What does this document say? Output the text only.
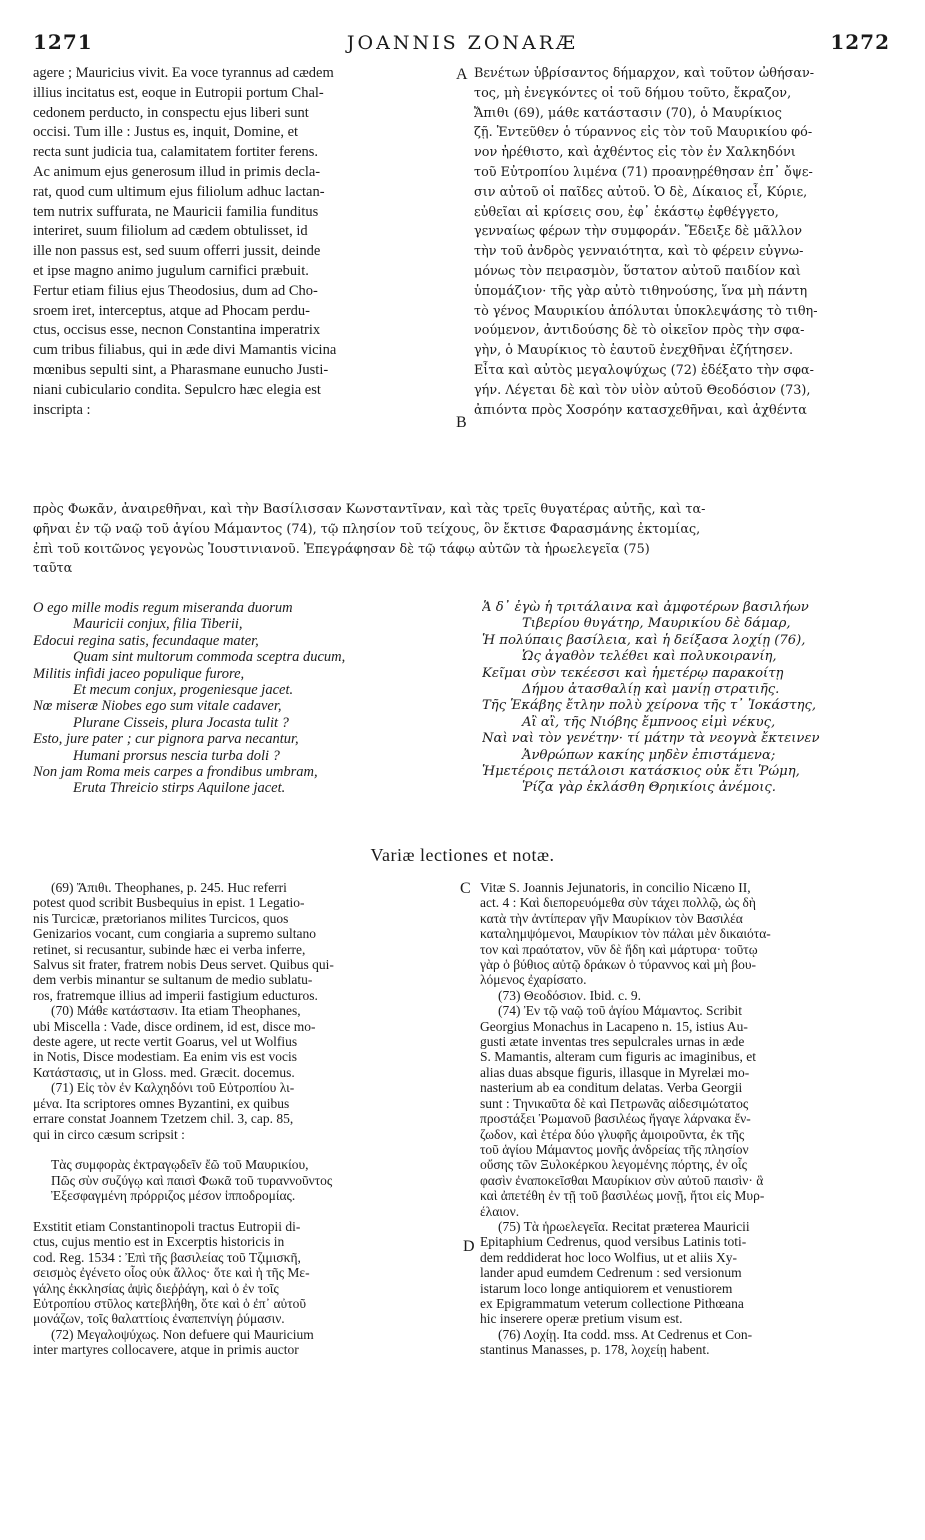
1271	JOANNIS ZONARÆ	1272
agere ; Mauricius vivit. Ea voce tyrannus ad cædem
illius incitatus est, eoque in Eutropii portum Chal-
cedonem perducto, in conspectu ejus liberi sunt
occisi. Tum ille : Justus es, inquit, Domine, et
recta sunt judicia tua, calamitatem fortiter ferens.
Ac animum ejus generosum illud in primis decla-
rat, quod cum ultimum ejus filiolum adhuc lactan-
tem nutrix suffurata, ne Mauricii familia funditus
interiret, suum filiolum ad cædem obtulisset, id
ille non passus est, sed suum offerri jussit, deinde
et ipse magno animo jugulum carnifici præbuit.
Fertur etiam filius ejus Theodosius, dum ad Cho-
sroem iret, interceptus, atque ad Phocam perdu-
ctus, occisus esse, necnon Constantina imperatrix
cum tribus filiabus, qui in æde divi Mamantis vicina
mœnibus sepulti sint, a Pharasmane eunucho Justi-
niani cubiculario condita. Sepulcro hæc elegia est
inscripta :
A Βενέτων ὑβρίσαντος δήμαρχον, καὶ τοῦτον ὠθήσαν-
τος, μὴ ἐνεγκόντες οἱ τοῦ δήμου τοῦτο, ἔκραζον,
Ἄπιθι (69), μάθε κατάστασιν (70), ὁ Μαυρίκιος
ζῇ. Ἐντεῦθεν ὁ τύραννος εἰς τὸν τοῦ Μαυρικίου φό-
νον ἠρέθιστο, καὶ ἀχθέντος εἰς τὸν ἐν Χαλκηδόνι
τοῦ Εὐτροπίου λιμένα (71) προανῃρέθησαν ἐπ᾽ ὄψε-
σιν αὐτοῦ οἱ παῖδες αὐτοῦ. Ὁ δὲ, Δίκαιος εἶ, Κύριε,
εὐθεῖαι αἱ κρίσεις σου, ἐφ᾽ ἑκάστῳ ἐφθέγγετο,
γενναίως φέρων τὴν συμφοράν. Ἔδειξε δὲ μᾶλλον
τὴν τοῦ ἀνδρὸς γενναιότητα, καὶ τὸ φέρειν εὐγνω-
μόνως τὸν πειρασμὸν, ὕστατον αὐτοῦ παιδίον καὶ
ὑπομάζιον· τῆς γὰρ αὐτὸ τιθηνούσης, ἵνα μὴ πάντη
τὸ γένος Μαυρικίου ἀπόλυται ὑποκλεψάσης τὸ τιθη-
νούμενον, ἀντιδούσης δὲ τὸ οἰκεῖον πρὸς τὴν σφα-
γὴν, ὁ Μαυρίκιος τὸ ἑαυτοῦ ἐνεχθῆναι ἐζήτησεν.
Εἶτα καὶ αὐτὸς μεγαλοψύχως (72) ἐδέξατο τὴν σφα-
γήν. Λέγεται δὲ καὶ τὸν υἱὸν αὐτοῦ Θεοδόσιον (73),
ἀπιόντα πρὸς Χοσρόην κατασχεθῆναι, καὶ ἀχθέντα
B
πρὸς Φωκᾶν, ἀναιρεθῆναι, καὶ τὴν Βασίλισσαν Κωνσταντῖναν, καὶ τὰς τρεῖς θυγατέρας αὐτῆς, καὶ τα-
φῆναι ἐν τῷ ναῷ τοῦ ἁγίου Μάμαντος (74), τῷ πλησίον τοῦ τείχους, ὃν ἔκτισε Φαρασμάνης ἐκτομίας,
ἐπὶ τοῦ κοιτῶνος γεγονὼς Ἰουστινιανοῦ. Ἐπεγράφησαν δὲ τῷ τάφῳ αὐτῶν τὰ ἡρωελεγεῖα (75)
ταῦτα
O ego mille modis regum miseranda duorum
Mauricii conjux, filia Tiberii,
Edocui regina satis, fecundaque mater,
Quam sint multorum commoda sceptra ducum,
Militis infidi jaceo populique furore,
Et mecum conjux, progeniesque jacet.
Nœ miseræ Niobes ego sum vitale cadaver,
Plurane Cisseis, plura Jocasta tulit ?
Esto, jure pater ; cur pignora parva necantur,
Humani prorsus nescia turba doli ?
Non jam Roma meis carpes a frondibus umbram,
Eruta Threicio stirps Aquilone jacet.
Ἁ δ᾽ ἐγὼ ἡ τριτάλαινα καὶ ἀμφοτέρων βασιλήων
Τιβερίου θυγάτηρ, Μαυρικίου δὲ δάμαρ,
Ἡ πολύπαις βασίλεια, καὶ ἡ δείξασα λοχίῃ (76),
Ὡς ἀγαθὸν τελέθει καὶ πολυκοιρανίη,
Κεῖμαι σὺν τεκέεσσι καὶ ἡμετέρῳ παρακοίτῃ
Δήμου ἀτασθαλίῃ καὶ μανίῃ στρατιῆς.
Τῆς Ἑκάβης ἔτλην πολὺ χείρονα τῆς τ᾽ Ἰοκάστης,
Αἲ αἲ, τῆς Νιόβης ἔμπνοος εἰμὶ νέκυς,
Ναὶ ναὶ τὸν γενέτην· τί μάτην τὰ νεογνὰ ἔκτεινεν
Ἀνθρώπων κακίης μηδὲν ἐπιστάμενα;
Ἡμετέροις πετάλοισι κατάσκιος οὐκ ἔτι Ῥώμη,
Ῥίζα γὰρ ἐκλάσθη Θρηικίοις ἀνέμοις.
Variæ lectiones et notæ.
(69) Ἄπιθι. Theophanes, p. 245. Huc referri
potest quod scribit Busbequius in epist. 1 Legatio-
nis Turcicæ, prætorianos milites Turcicos, quos
Genizarios vocant, cum congiaria a supremo sultano
retinet, si recusantur, subinde hæc ei verba inferre,
Salvus sit frater, fratrem nobis Deus servet. Quibus qui-
dem verbis minantur se sultanum de medio sublatu-
ros, fratremque illius ad imperii fastigium educturos.
(70) Μάθε κατάστασιν. Ita etiam Theophanes,
ubi Miscella : Vade, disce ordinem, id est, disce mo-
deste agere, ut recte vertit Goarus, vel ut Wolfius
in Notis, Disce modestiam. Ea enim vis est vocis
Κατάστασις, ut in Gloss. med. Græcit. docemus.
(71) Εἰς τὸν ἐν Καλχηδόνι τοῦ Εὐτροπίου λι-
μένα. Ita scriptores omnes Byzantini, ex quibus
errare constat Joannem Tzetzem chil. 3, cap. 85,
qui in circo cæsum scripsit :

Τὰς συμφορὰς ἐκτραγῳδεῖν ἔῶ τοῦ Μαυρικίου,
Πῶς σὺν συζύγῳ καὶ παισὶ Φωκᾶ τοῦ τυραννοῦντος
Ἐξεσφαγμένη πρόρριζος μέσον ἱπποδρομίας.

Exstitit etiam Constantinopoli tractus Eutropii di-
ctus, cujus mentio est in Excerptis historicis in
cod. Reg. 1534 : Ἐπὶ τῆς βασιλείας τοῦ Τζιμισκῆ,
σεισμὸς ἐγένετο οἷος οὐκ ἄλλος· ὅτε καὶ ἡ τῆς Με-
γάλης ἐκκλησίας ἁψὶς διεῤῥάγη, καὶ ὁ ἐν τοῖς
Εὐτροπίου στῦλος κατεβλήθη, ὅτε καὶ ὁ ἐπ᾽ αὐτοῦ
μονάζων, τοῖς θαλαττίοις ἐναπεπνίγη ῥύμασιν.
(72) Μεγαλοψύχως. Non defuere qui Mauricium
inter martyres collocavere, atque in primis auctor
C
D
Vitæ S. Joannis Jejunatoris, in concilio Nicæno II,
act. 4 : Καὶ διεπορευόμεθα σὺν τάχει πολλῷ, ὡς δὴ
κατὰ τὴν ἀντίπεραν γῆν Μαυρίκιον τὸν Βασιλέα
καταλημψόμενοι, Μαυρίκιον τὸν πάλαι μὲν δικαιότα-
τον καὶ πραότατον, νῦν δὲ ἤδη καὶ μάρτυρα· τοῦτῳ
γὰρ ὁ βύθιος αὐτῷ δράκων ὁ τύραννος καὶ μὴ βου-
λόμενος ἐχαρίσατο.
(73) Θεοδόσιον. Ibid. c. 9.
(74) Ἐν τῷ ναῷ τοῦ ἁγίου Μάμαντος. Scribit
Georgius Monachus in Lacapeno n. 15, istius Au-
gusti ætate inventas tres sepulcrales urnas in æde
S. Mamantis, alteram cum figuris ac imaginibus, et
alias duas absque figuris, illasque in Myrelæi mo-
nasterium ab ea conditum delatas. Verba Georgii
sunt : Τηνικαῦτα δὲ καὶ Πετρωνᾶς αἰδεσιμώτατος
προστάξει Ῥωμανοῦ βασιλέως ἤγαγε λάρνακα ἔν-
ζωδον, καὶ ἑτέρα δύο γλυφῆς ἀμοιροῦντα, ἐκ τῆς
τοῦ ἁγίου Μάμαντος μονῆς ἀνδρείας τῆς πλησίον
οὔσης τῶν Ξυλοκέρκου λεγομένης πόρτης, ἐν οἷς
φασὶν ἐναποκεῖσθαι Μαυρίκιον σὺν αὐτοῦ παισὶν· ἃ
καὶ ἀπετέθη ἐν τῇ τοῦ βασιλέως μονῇ, ἤτοι εἰς Μυρ-
έλαιον.
(75) Τὰ ἡρωελεγεῖα. Recitat præterea Mauricii
Epitaphium Cedrenus, quod versibus Latinis toti-
dem reddiderat hoc loco Wolfius, ut et aliis Xy-
lander apud eumdem Cedrenum : sed versionum
istarum loco longe antiquiorem et venustiorem
ex Epigrammatum veterum collectione Pithœana
hic inserere operæ pretium visum est.
(76) Λοχίῃ. Ita codd. mss. At Cedrenus et Con-
stantinus Manasses, p. 178, λοχείῃ habent.
